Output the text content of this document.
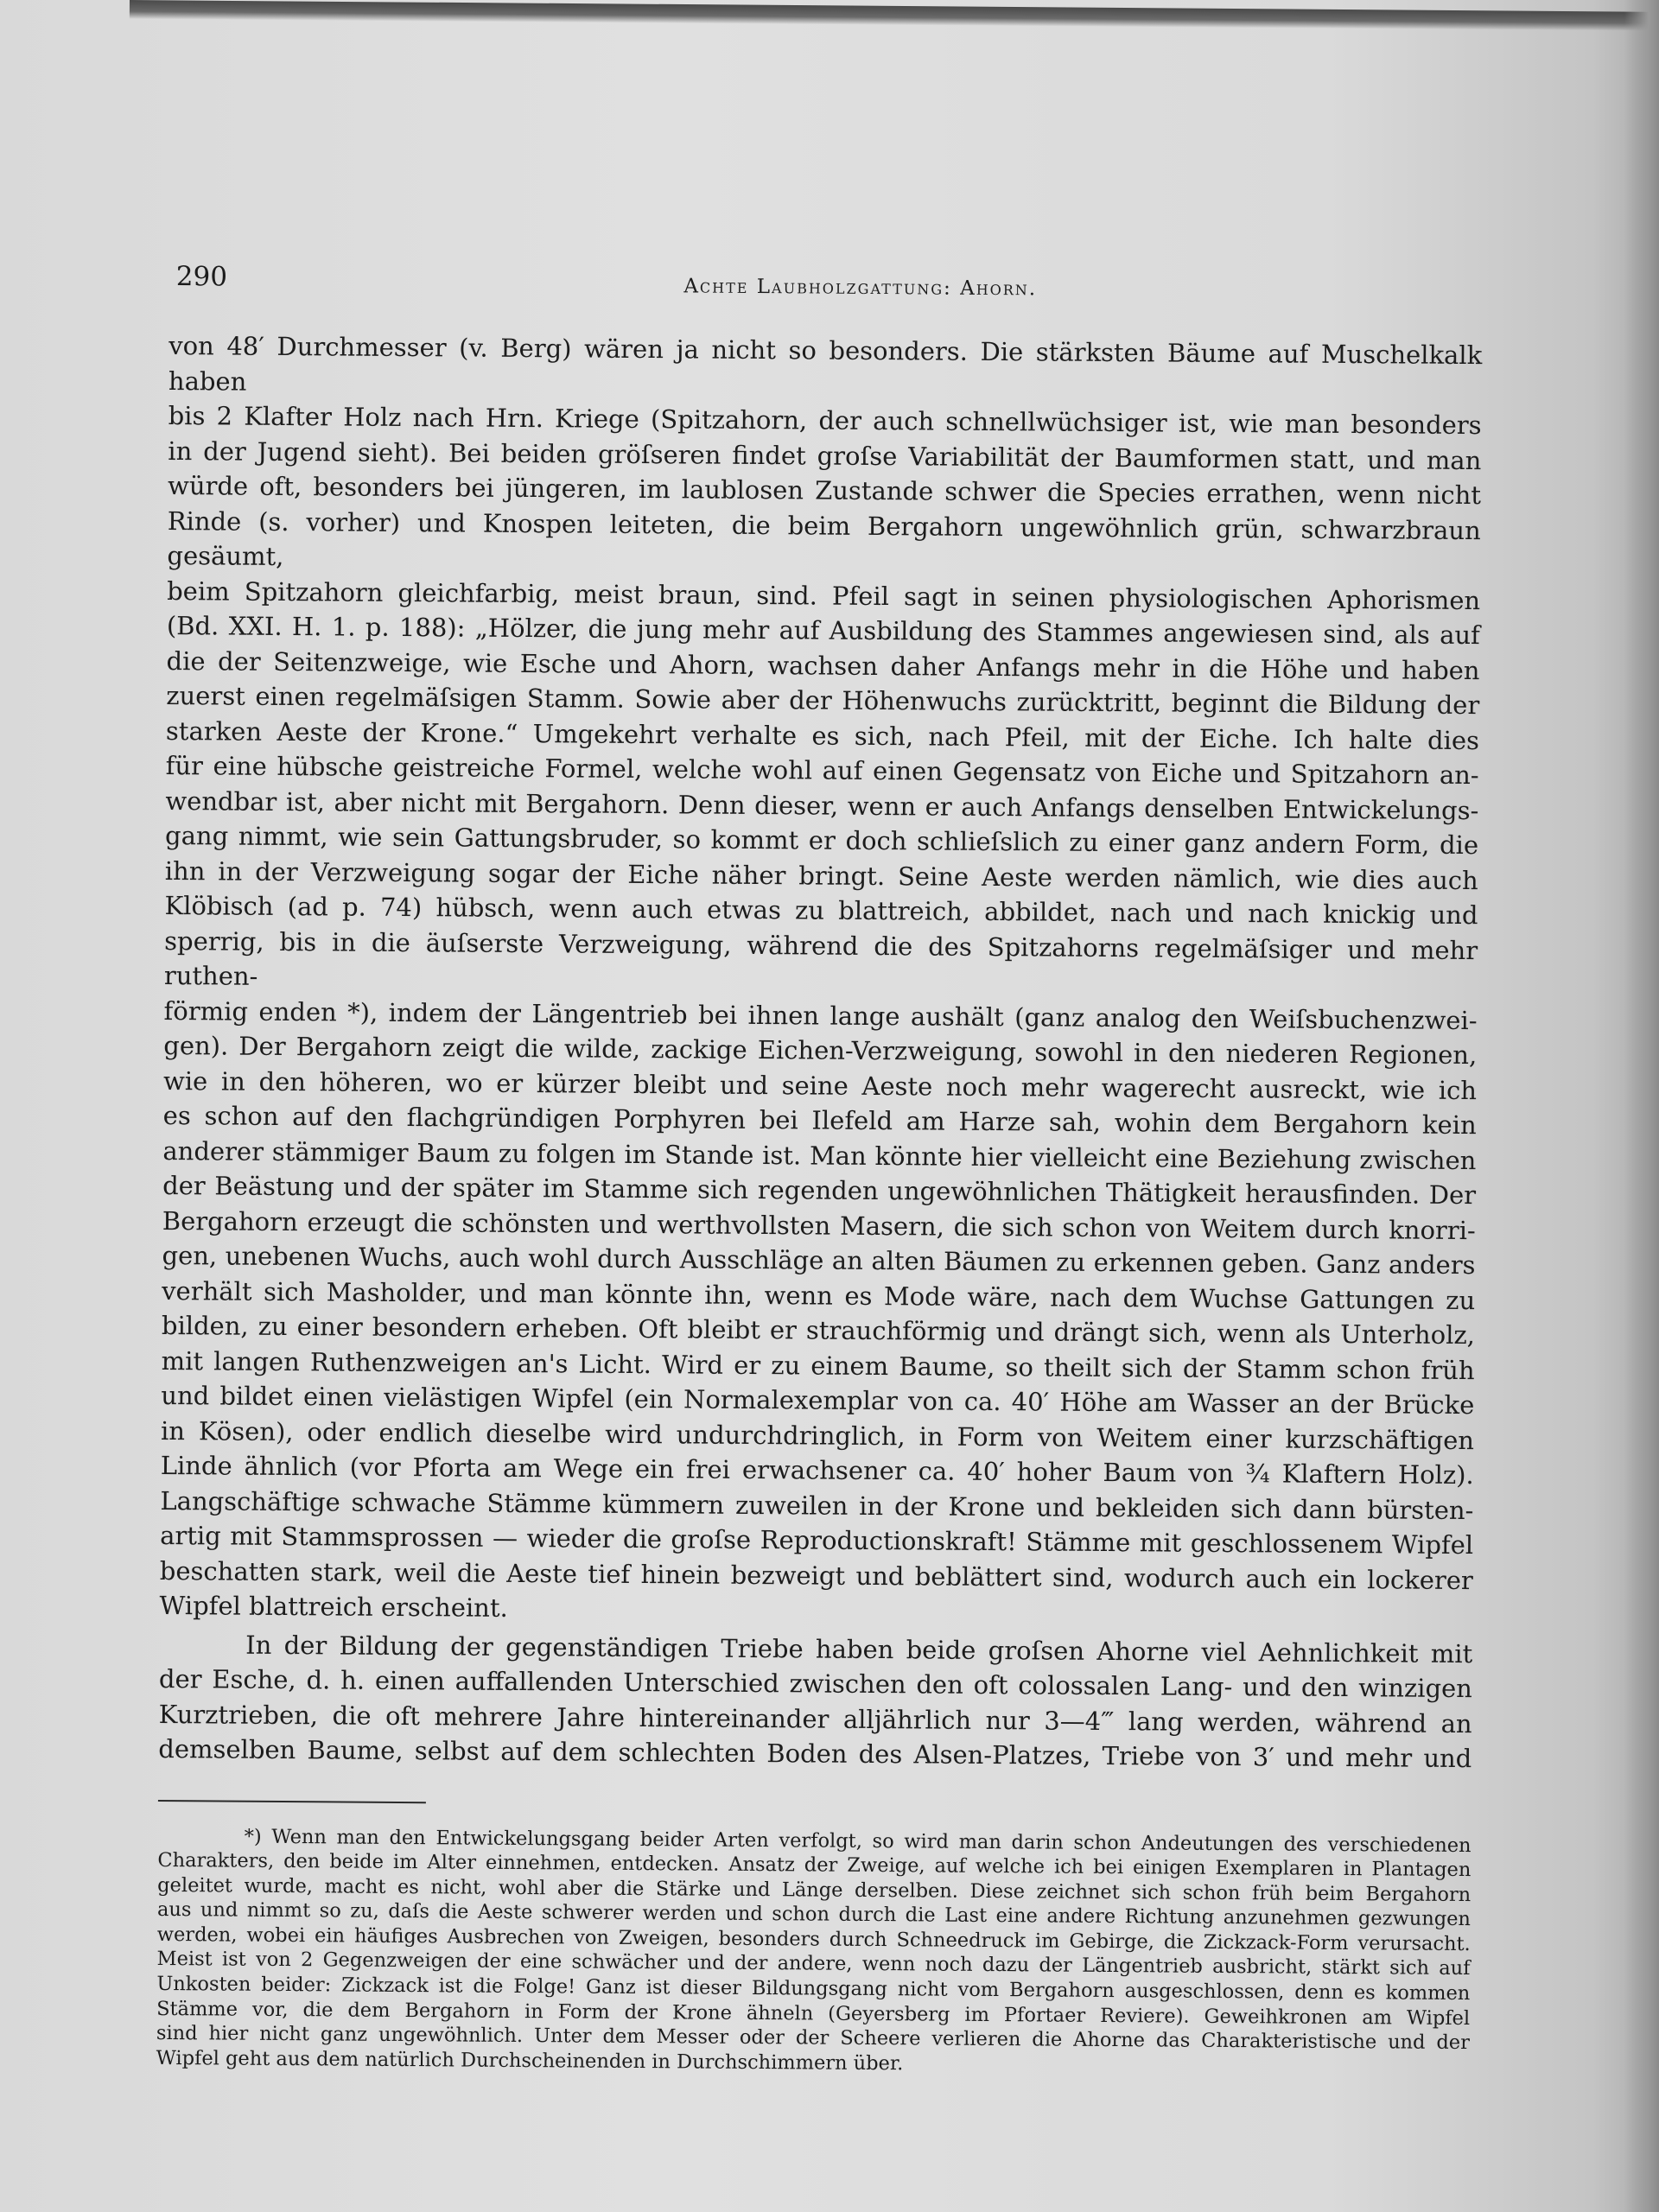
290	Achte Laubholzgattung: Ahorn.

von 48′ Durchmesser (v. Berg) wären ja nicht so besonders. Die stärksten Bäume auf Muschelkalk haben

bis 2 Klafter Holz nach Hrn. Kriege (Spitzahorn, der auch schnellwüchsiger ist, wie man besonders

in der Jugend sieht). Bei beiden gröſseren findet groſse Variabilität der Baumformen statt, und man

würde oft, besonders bei jüngeren, im laublosen Zustande schwer die Species errathen, wenn nicht

Rinde (s. vorher) und Knospen leiteten, die beim Bergahorn ungewöhnlich grün, schwarzbraun gesäumt,

beim Spitzahorn gleichfarbig, meist braun, sind. Pfeil sagt in seinen physiologischen Aphorismen

(Bd. XXI. H. 1. p. 188): „Hölzer, die jung mehr auf Ausbildung des Stammes angewiesen sind, als auf

die der Seitenzweige, wie Esche und Ahorn, wachsen daher Anfangs mehr in die Höhe und haben

zuerst einen regelmäſsigen Stamm. Sowie aber der Höhenwuchs zurücktritt, beginnt die Bildung der

starken Aeste der Krone.“ Umgekehrt verhalte es sich, nach Pfeil, mit der Eiche. Ich halte dies

für eine hübsche geistreiche Formel, welche wohl auf einen Gegensatz von Eiche und Spitzahorn an-

wendbar ist, aber nicht mit Bergahorn. Denn dieser, wenn er auch Anfangs denselben Entwickelungs-

gang nimmt, wie sein Gattungsbruder, so kommt er doch schlieſslich zu einer ganz andern Form, die

ihn in der Verzweigung sogar der Eiche näher bringt. Seine Aeste werden nämlich, wie dies auch

Klöbisch (ad p. 74) hübsch, wenn auch etwas zu blattreich, abbildet, nach und nach knickig und

sperrig, bis in die äuſserste Verzweigung, während die des Spitzahorns regelmäſsiger und mehr ruthen-

förmig enden *), indem der Längentrieb bei ihnen lange aushält (ganz analog den Weiſsbuchenzwei-

gen). Der Bergahorn zeigt die wilde, zackige Eichen-Verzweigung, sowohl in den niederen Regionen,

wie in den höheren, wo er kürzer bleibt und seine Aeste noch mehr wagerecht ausreckt, wie ich

es schon auf den flachgründigen Porphyren bei Ilefeld am Harze sah, wohin dem Bergahorn kein

anderer stämmiger Baum zu folgen im Stande ist. Man könnte hier vielleicht eine Beziehung zwischen

der Beästung und der später im Stamme sich regenden ungewöhnlichen Thätigkeit herausfinden. Der

Bergahorn erzeugt die schönsten und werthvollsten Masern, die sich schon von Weitem durch knorri-

gen, unebenen Wuchs, auch wohl durch Ausschläge an alten Bäumen zu erkennen geben. Ganz anders

verhält sich Masholder, und man könnte ihn, wenn es Mode wäre, nach dem Wuchse Gattungen zu

bilden, zu einer besondern erheben. Oft bleibt er strauchförmig und drängt sich, wenn als Unterholz,

mit langen Ruthenzweigen an's Licht. Wird er zu einem Baume, so theilt sich der Stamm schon früh

und bildet einen vielästigen Wipfel (ein Normalexemplar von ca. 40′ Höhe am Wasser an der Brücke

in Kösen), oder endlich dieselbe wird undurchdringlich, in Form von Weitem einer kurzschäftigen

Linde ähnlich (vor Pforta am Wege ein frei erwachsener ca. 40′ hoher Baum von ¾ Klaftern Holz).

Langschäftige schwache Stämme kümmern zuweilen in der Krone und bekleiden sich dann bürsten-

artig mit Stammsprossen — wieder die groſse Reproductionskraft! Stämme mit geschlossenem Wipfel

beschatten stark, weil die Aeste tief hinein bezweigt und beblättert sind, wodurch auch ein lockerer

Wipfel blattreich erscheint.

In der Bildung der gegenständigen Triebe haben beide groſsen Ahorne viel Aehnlichkeit mit

der Esche, d. h. einen auffallenden Unterschied zwischen den oft colossalen Lang- und den winzigen

Kurztrieben, die oft mehrere Jahre hintereinander alljährlich nur 3—4‴ lang werden, während an

demselben Baume, selbst auf dem schlechten Boden des Alsen-Platzes, Triebe von 3′ und mehr und

*) Wenn man den Entwickelungsgang beider Arten verfolgt, so wird man darin schon Andeutungen des verschiedenen

Charakters, den beide im Alter einnehmen, entdecken. Ansatz der Zweige, auf welche ich bei einigen Exemplaren in Plantagen

geleitet wurde, macht es nicht, wohl aber die Stärke und Länge derselben. Diese zeichnet sich schon früh beim Bergahorn

aus und nimmt so zu, daſs die Aeste schwerer werden und schon durch die Last eine andere Richtung anzunehmen gezwungen

werden, wobei ein häufiges Ausbrechen von Zweigen, besonders durch Schneedruck im Gebirge, die Zickzack-Form verursacht.

Meist ist von 2 Gegenzweigen der eine schwächer und der andere, wenn noch dazu der Längentrieb ausbricht, stärkt sich auf

Unkosten beider: Zickzack ist die Folge! Ganz ist dieser Bildungsgang nicht vom Bergahorn ausgeschlossen, denn es kommen

Stämme vor, die dem Bergahorn in Form der Krone ähneln (Geyersberg im Pfortaer Reviere). Geweihkronen am Wipfel

sind hier nicht ganz ungewöhnlich. Unter dem Messer oder der Scheere verlieren die Ahorne das Charakteristische und der

Wipfel geht aus dem natürlich Durchscheinenden in Durchschimmern über.
